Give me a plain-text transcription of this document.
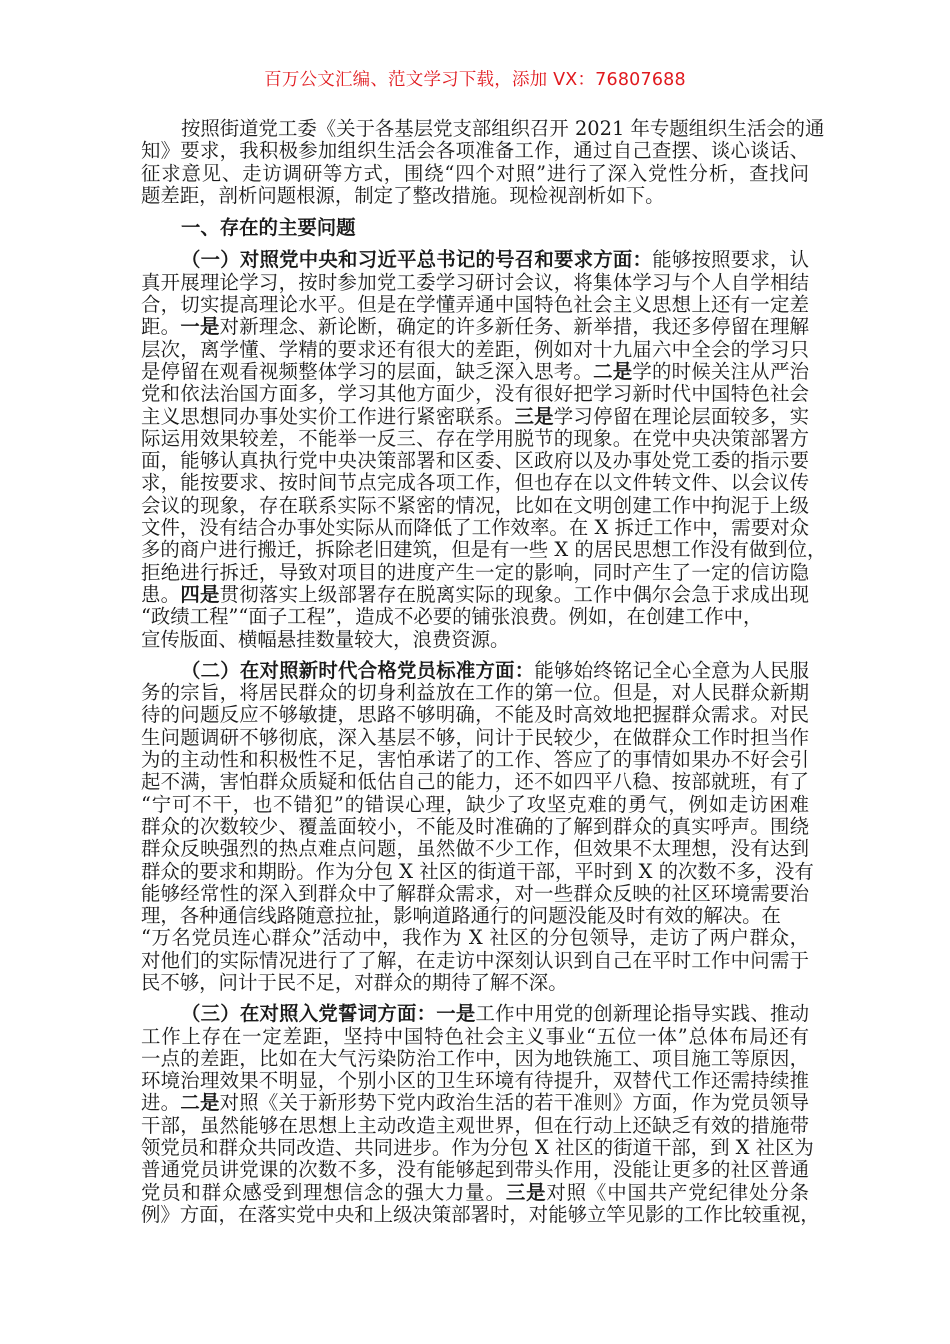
百万公文汇编、范文学习下载，添加 VX：76807688
按照街道党工委《关于各基层党支部组织召开 2021 年专题组织生活会的通
知》要求，我积极参加组织生活会各项准备工作，通过自己查摆、谈心谈话、
征求意见、走访调研等方式，围绕“四个对照”进行了深入党性分析，查找问
题差距，剖析问题根源，制定了整改措施。现检视剖析如下。
一、存在的主要问题
（一）对照党中央和习近平总书记的号召和要求方面：能够按照要求，认
真开展理论学习，按时参加党工委学习研讨会议，将集体学习与个人自学相结
合，切实提高理论水平。但是在学懂弄通中国特色社会主义思想上还有一定差
距。一是对新理念、新论断，确定的许多新任务、新举措，我还多停留在理解
层次，离学懂、学精的要求还有很大的差距，例如对十九届六中全会的学习只
是停留在观看视频整体学习的层面，缺乏深入思考。二是学的时候关注从严治
党和依法治国方面多，学习其他方面少，没有很好把学习新时代中国特色社会
主义思想同办事处实价工作进行紧密联系。三是学习停留在理论层面较多，实
际运用效果较差，不能举一反三、存在学用脱节的现象。在党中央决策部署方
面，能够认真执行党中央决策部署和区委、区政府以及办事处党工委的指示要
求，能按要求、按时间节点完成各项工作，但也存在以文件转文件、以会议传
会议的现象，存在联系实际不紧密的情况，比如在文明创建工作中拘泥于上级
文件，没有结合办事处实际从而降低了工作效率。在 X 拆迁工作中，需要对众
多的商户进行搬迁，拆除老旧建筑，但是有一些 X 的居民思想工作没有做到位，
拒绝进行拆迁，导致对项目的进度产生一定的影响，同时产生了一定的信访隐
患。四是贯彻落实上级部署存在脱离实际的现象。工作中偶尔会急于求成出现
“政绩工程”“面子工程”，造成不必要的铺张浪费。例如，在创建工作中，
宣传版面、横幅悬挂数量较大，浪费资源。
（二）在对照新时代合格党员标准方面：能够始终铭记全心全意为人民服
务的宗旨，将居民群众的切身利益放在工作的第一位。但是，对人民群众新期
待的问题反应不够敏捷，思路不够明确，不能及时高效地把握群众需求。对民
生问题调研不够彻底，深入基层不够，问计于民较少，在做群众工作时担当作
为的主动性和积极性不足，害怕承诺了的工作、答应了的事情如果办不好会引
起不满，害怕群众质疑和低估自己的能力，还不如四平八稳、按部就班，有了
“宁可不干，也不错犯”的错误心理，缺少了攻坚克难的勇气，例如走访困难
群众的次数较少、覆盖面较小，不能及时准确的了解到群众的真实呼声。围绕
群众反映强烈的热点难点问题，虽然做不少工作，但效果不太理想，没有达到
群众的要求和期盼。作为分包 X 社区的街道干部，平时到 X 的次数不多，没有
能够经常性的深入到群众中了解群众需求，对一些群众反映的社区环境需要治
理，各种通信线路随意拉扯，影响道路通行的问题没能及时有效的解决。在
“万名党员连心群众”活动中，我作为 X 社区的分包领导，走访了两户群众，
对他们的实际情况进行了了解，在走访中深刻认识到自己在平时工作中问需于
民不够，问计于民不足，对群众的期待了解不深。
（三）在对照入党誓词方面：一是工作中用党的创新理论指导实践、推动
工作上存在一定差距，坚持中国特色社会主义事业“五位一体”总体布局还有
一点的差距，比如在大气污染防治工作中，因为地铁施工、项目施工等原因，
环境治理效果不明显，个别小区的卫生环境有待提升，双替代工作还需持续推
进。二是对照《关于新形势下党内政治生活的若干准则》方面，作为党员领导
干部，虽然能够在思想上主动改造主观世界，但在行动上还缺乏有效的措施带
领党员和群众共同改造、共同进步。作为分包 X 社区的街道干部，到 X 社区为
普通党员讲党课的次数不多，没有能够起到带头作用，没能让更多的社区普通
党员和群众感受到理想信念的强大力量。三是对照《中国共产党纪律处分条
例》方面，在落实党中央和上级决策部署时，对能够立竿见影的工作比较重视，
